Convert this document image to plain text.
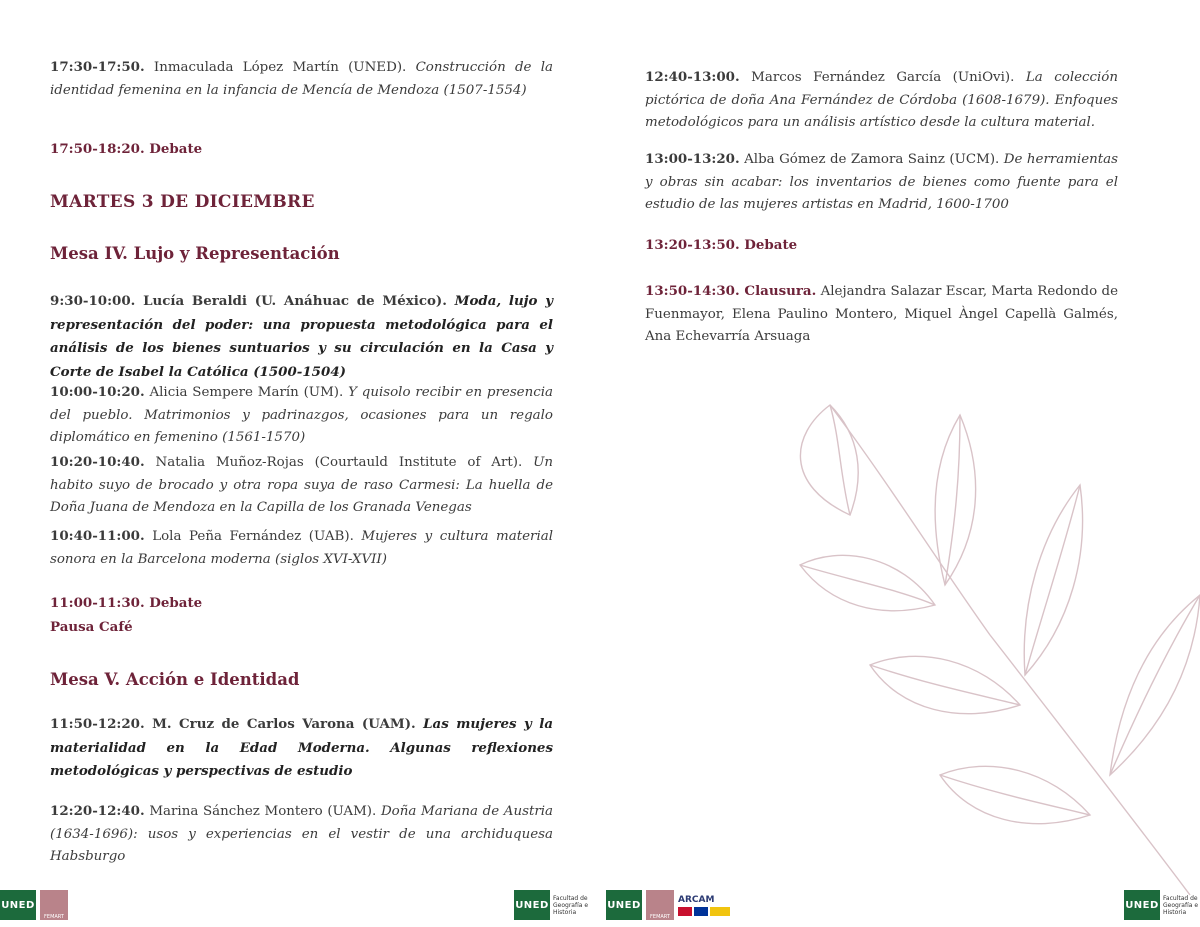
17:30-17:50. Inmaculada López Martín (UNED). Construcción de la identidad femenina en la infancia de Mencía de Mendoza (1507-1554)

17:50-18:20. Debate
MARTES 3 DE DICIEMBRE
Mesa IV. Lujo y Representación

9:30-10:00. Lucía Beraldi (U. Anáhuac de México). Moda, lujo y representación del poder: una propuesta metodológica para el análisis de los bienes suntuarios y su circulación en la Casa y Corte de Isabel la Católica (1500-1504)

10:00-10:20. Alicia Sempere Marín (UM). Y quisolo recibir en presencia del pueblo. Matrimonios y padrinazgos, ocasiones para un regalo diplomático en femenino (1561-1570)

10:20-10:40. Natalia Muñoz-Rojas (Courtauld Institute of Art). Un habito suyo de brocado y otra ropa suya de raso Carmesi: La huella de Doña Juana de Mendoza en la Capilla de los Granada Venegas

10:40-11:00. Lola Peña Fernández (UAB). Mujeres y cultura material sonora en la Barcelona moderna (siglos XVI-XVII)

11:00-11:30. Debate
Pausa Café
Mesa V. Acción e Identidad

11:50-12:20. M. Cruz de Carlos Varona (UAM). Las mujeres y la materialidad en la Edad Moderna. Algunas reflexiones metodológicas y perspectivas de estudio

12:20-12:40. Marina Sánchez Montero (UAM). Doña Mariana de Austria (1634-1696): usos y experiencias en el vestir de una archiduquesa Habsburgo

12:40-13:00. Marcos Fernández García (UniOvi). La colección pictórica de doña Ana Fernández de Córdoba (1608-1679). Enfoques metodológicos para un análisis artístico desde la cultura material.

13:00-13:20. Alba Gómez de Zamora Sainz (UCM). De herramientas y obras sin acabar: los inventarios de bienes como fuente para el estudio de las mujeres artistas en Madrid, 1600-1700

13:20-13:50. Debate

13:50-14:30. Clausura. Alejandra Salazar Escar, Marta Redondo de Fuenmayor, Elena Paulino Montero, Miquel Àngel Capellà Galmés, Ana Echevarría Arsuaga

UNED
FEMART
UNED
Facultad de Geografía e Historia
UNED
FEMART
ARCAM	UNED
Facultad de Geografía e Historia
